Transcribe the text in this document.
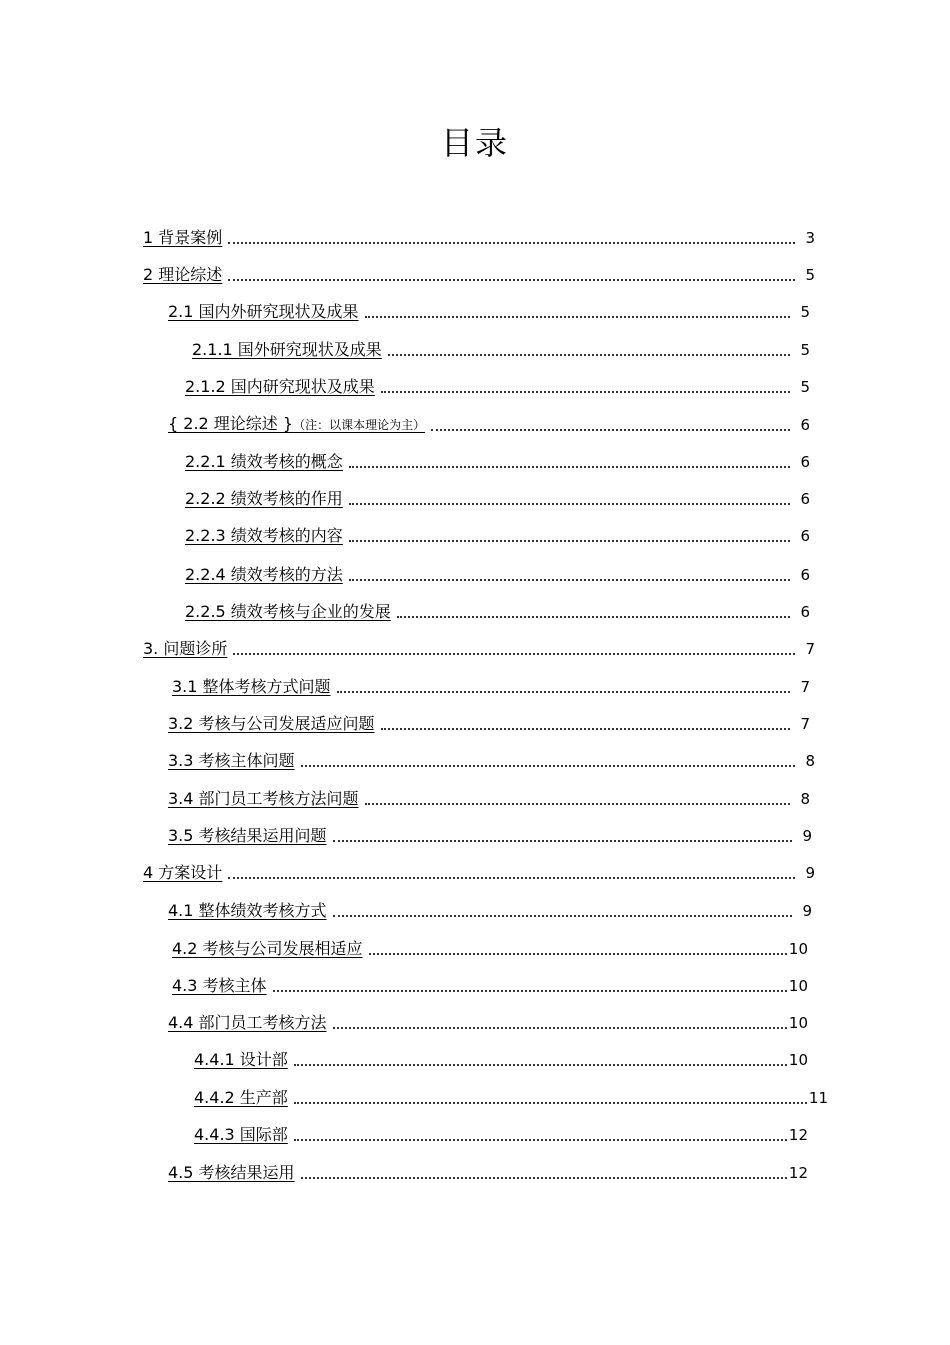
目录
1 背景案例	3
2 理论综述	5
2.1 国内外研究现状及成果	5
2.1.1 国外研究现状及成果	5
2.1.2 国内研究现状及成果	5
{ 2.2 理论综述 }（注：以课本理论为主）	6
2.2.1 绩效考核的概念	6
2.2.2 绩效考核的作用	6
2.2.3 绩效考核的内容	6
2.2.4 绩效考核的方法	6
2.2.5 绩效考核与企业的发展	6
3. 问题诊所	7
3.1 整体考核方式问题	7
3.2 考核与公司发展适应问题	7
3.3 考核主体问题	8
3.4 部门员工考核方法问题	8
3.5 考核结果运用问题	9
4 方案设计	9
4.1 整体绩效考核方式	9
4.2 考核与公司发展相适应	10
4.3 考核主体	10
4.4 部门员工考核方法	10
4.4.1 设计部	10
4.4.2 生产部	11
4.4.3 国际部	12
4.5 考核结果运用	12
